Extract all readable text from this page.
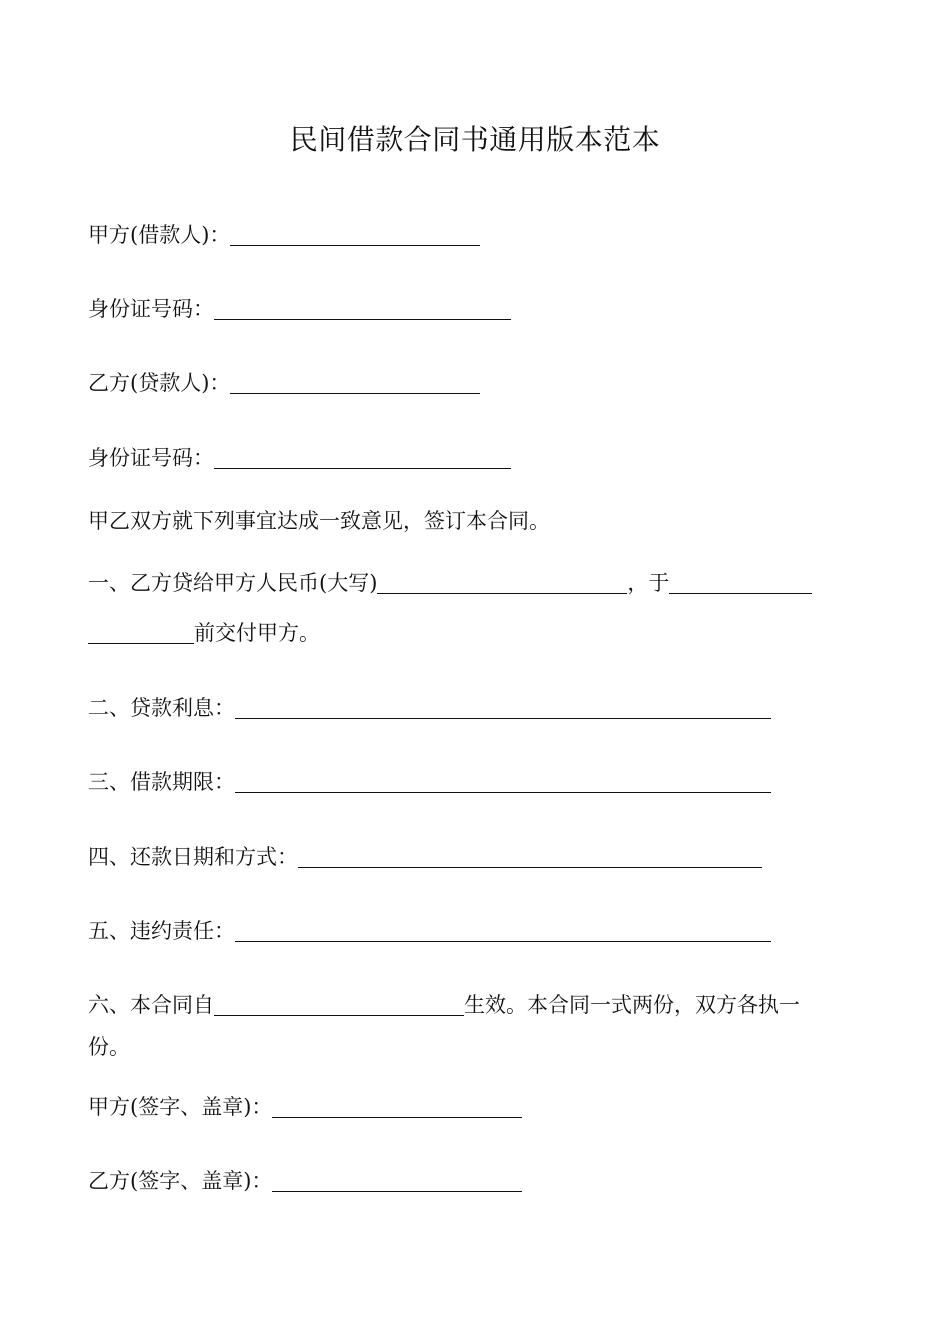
民间借款合同书通用版本范本
甲方(借款人)：
身份证号码：
乙方(贷款人)：
身份证号码：
甲乙双方就下列事宜达成一致意见，签订本合同。
一、乙方贷给甲方人民币(大写)	，于
前交付甲方。
二、贷款利息：
三、借款期限：
四、还款日期和方式：
五、违约责任：
六、本合同自	生效。本合同一式两份，双方各执一
份。
甲方(签字、盖章)：
乙方(签字、盖章)：
